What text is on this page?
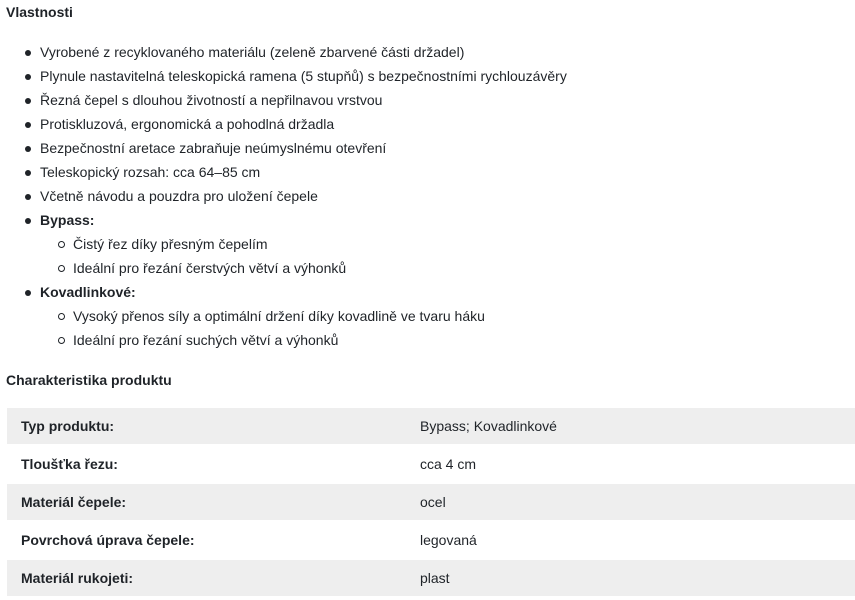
Vlastnosti
Vyrobené z recyklovaného materiálu (zeleně zbarvené části držadel)
Plynule nastavitelná teleskopická ramena (5 stupňů) s bezpečnostními rychlouzávěry
Řezná čepel s dlouhou životností a nepřilnavou vrstvou
Protiskluzová, ergonomická a pohodlná držadla
Bezpečnostní aretace zabraňuje neúmyslnému otevření
Teleskopický rozsah: cca 64–85 cm
Včetně návodu a pouzdra pro uložení čepele
Bypass:
Čistý řez díky přesným čepelím
Ideální pro řezání čerstvých větví a výhonků
Kovadlinkové:
Vysoký přenos síly a optimální držení díky kovadlině ve tvaru háku
Ideální pro řezání suchých větví a výhonků
Charakteristika produktu
Typ produktu:	Bypass; Kovadlinkové
Tloušťka řezu:	cca 4 cm
Materiál čepele:	ocel
Povrchová úprava čepele:	legovaná
Materiál rukojeti:	plast
